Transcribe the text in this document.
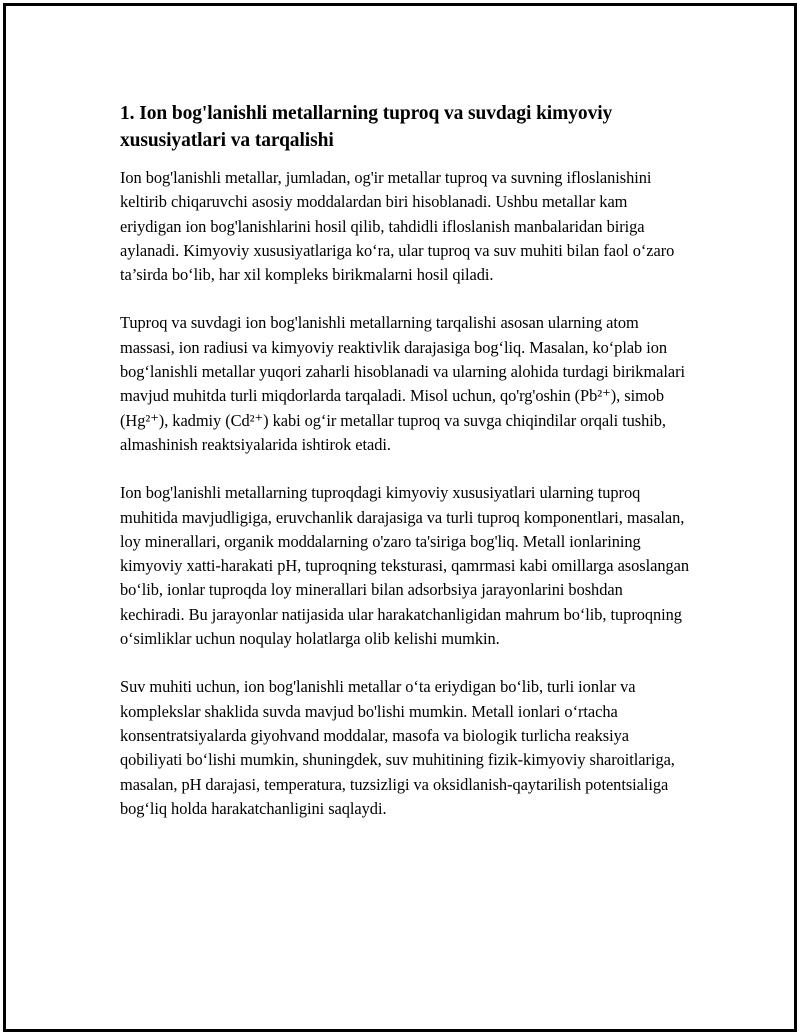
1. Ion bog'lanishli metallarning tuproq va suvdagi kimyoviy xususiyatlari va tarqalishi

Ion bog'lanishli metallar, jumladan, og'ir metallar tuproq va suvning ifloslanishini keltirib chiqaruvchi asosiy moddalardan biri hisoblanadi. Ushbu metallar kam eriydigan ion bog'lanishlarini hosil qilib, tahdidli ifloslanish manbalaridan biriga aylanadi. Kimyoviy xususiyatlariga ko‘ra, ular tuproq va suv muhiti bilan faol o‘zaro ta’sirda bo‘lib, har xil kompleks birikmalarni hosil qiladi.

Tuproq va suvdagi ion bog'lanishli metallarning tarqalishi asosan ularning atom massasi, ion radiusi va kimyoviy reaktivlik darajasiga bog‘liq. Masalan, ko‘plab ion bog‘lanishli metallar yuqori zaharli hisoblanadi va ularning alohida turdagi birikmalari mavjud muhitda turli miqdorlarda tarqaladi. Misol uchun, qo'rg'oshin (Pb²⁺), simob (Hg²⁺), kadmiy (Cd²⁺) kabi og‘ir metallar tuproq va suvga chiqindilar orqali tushib, almashinish reaktsiyalarida ishtirok etadi.

Ion bog'lanishli metallarning tuproqdagi kimyoviy xususiyatlari ularning tuproq muhitida mavjudligiga, eruvchanlik darajasiga va turli tuproq komponentlari, masalan, loy minerallari, organik moddalarning o'zaro ta'siriga bog'liq. Metall ionlarining kimyoviy xatti-harakati pH, tuproqning teksturasi, qamrmasi kabi omillarga asoslangan bo‘lib, ionlar tuproqda loy minerallari bilan adsorbsiya jarayonlarini boshdan kechiradi. Bu jarayonlar natijasida ular harakatchanligidan mahrum bo‘lib, tuproqning o‘simliklar uchun noqulay holatlarga olib kelishi mumkin.

Suv muhiti uchun, ion bog'lanishli metallar o‘ta eriydigan bo‘lib, turli ionlar va komplekslar shaklida suvda mavjud bo'lishi mumkin. Metall ionlari o‘rtacha konsentratsiyalarda giyohvand moddalar, masofa va biologik turlicha reaksiya qobiliyati bo‘lishi mumkin, shuningdek, suv muhitining fizik-kimyoviy sharoitlariga, masalan, pH darajasi, temperatura, tuzsizligi va oksidlanish-qaytarilish potentsialiga bog‘liq holda harakatchanligini saqlaydi.
